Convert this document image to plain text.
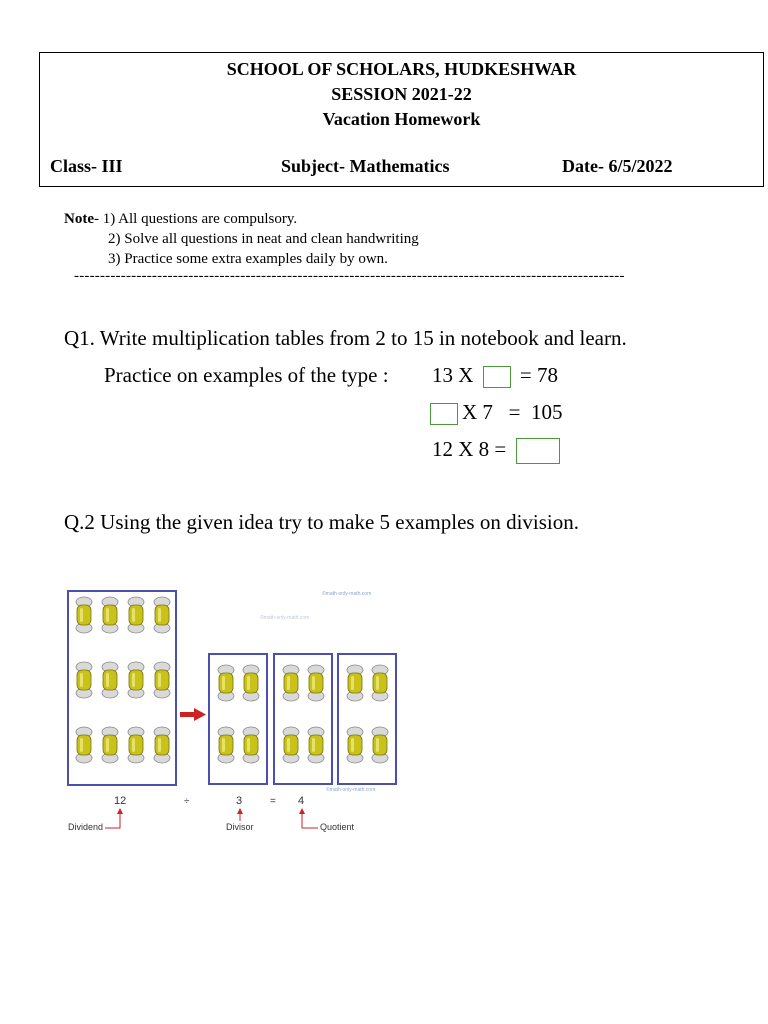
SCHOOL OF SCHOLARS, HUDKESHWAR
SESSION 2021-22
Vacation Homework
Class- III	Subject- Mathematics	Date- 6/5/2022
Note- 1) All questions are compulsory.
2) Solve all questions in neat and clean handwriting
3) Practice some extra examples daily by own.
----------------------------------------------------------------------------------------------------------
Q1. Write multiplication tables from 2 to 15 in notebook and learn.
Practice on examples of the type : 13 X = 78
X 7   =  105
12 X 8 =
Q.2 Using the given idea try to make 5 examples on division.
©math-only-math.com
©math-only-math.com
©math-only-math.com
12	÷	3	= 4
Dividend	Divisor	Quotient
